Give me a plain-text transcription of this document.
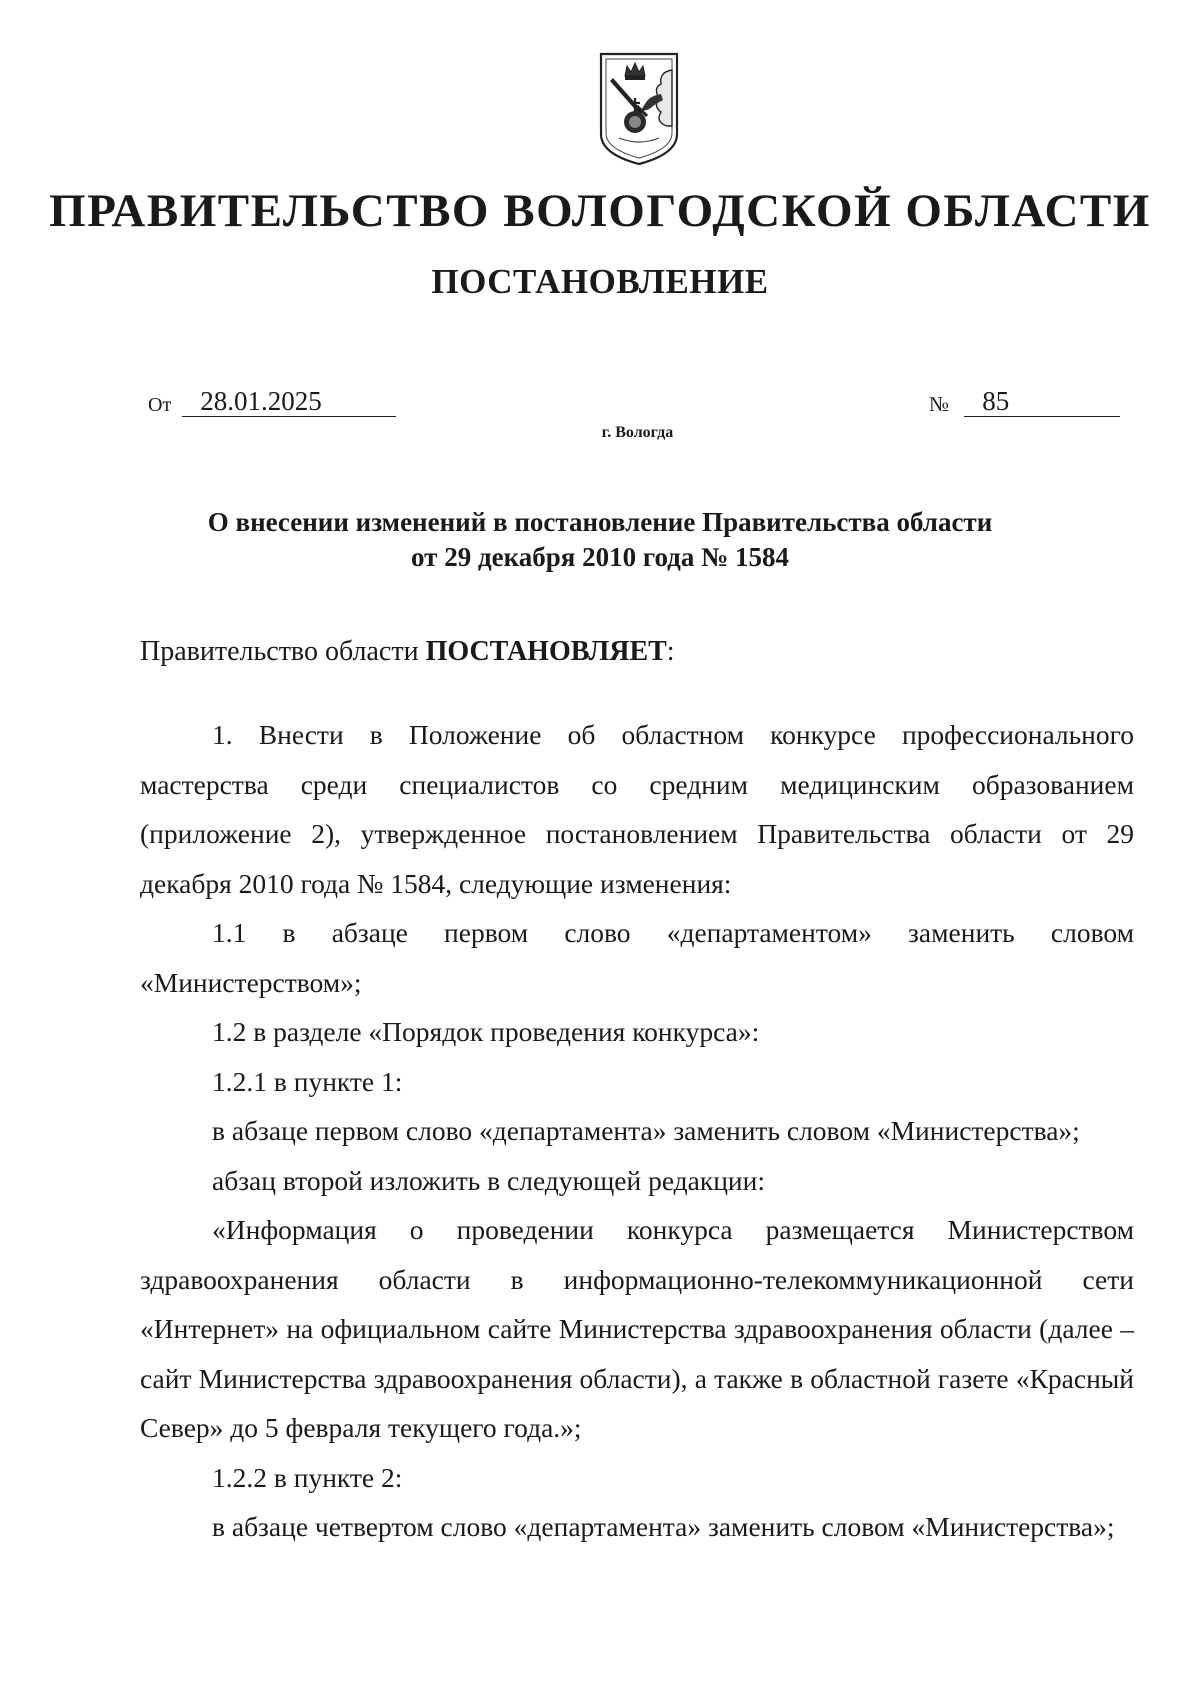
ПРАВИТЕЛЬСТВО ВОЛОГОДСКОЙ ОБЛАСТИ
ПОСТАНОВЛЕНИЕ
От 28.01.2025	№ 85
г. Вологда
О внесении изменений в постановление Правительства области
от 29 декабря 2010 года № 1584
Правительство области ПОСТАНОВЛЯЕТ:

1. Внести в Положение об областном конкурсе профессионального мастерства среди специалистов со средним медицинским образованием (приложение 2), утвержденное постановлением Правительства области от 29 декабря 2010 года № 1584, следующие изменения:

1.1 в абзаце первом слово «департаментом» заменить словом «Министерством»;

1.2 в разделе «Порядок проведения конкурса»:

1.2.1 в пункте 1:

в абзаце первом слово «департамента» заменить словом «Министерства»;

абзац второй изложить в следующей редакции:

«Информация о проведении конкурса размещается Министерством здравоохранения области в информационно-телекоммуникационной сети «Интернет» на официальном сайте Министерства здравоохранения области (далее – сайт Министерства здравоохранения области), а также в областной газете «Красный Север» до 5 февраля текущего года.»;

1.2.2 в пункте 2:

в абзаце четвертом слово «департамента» заменить словом «Министерства»;
